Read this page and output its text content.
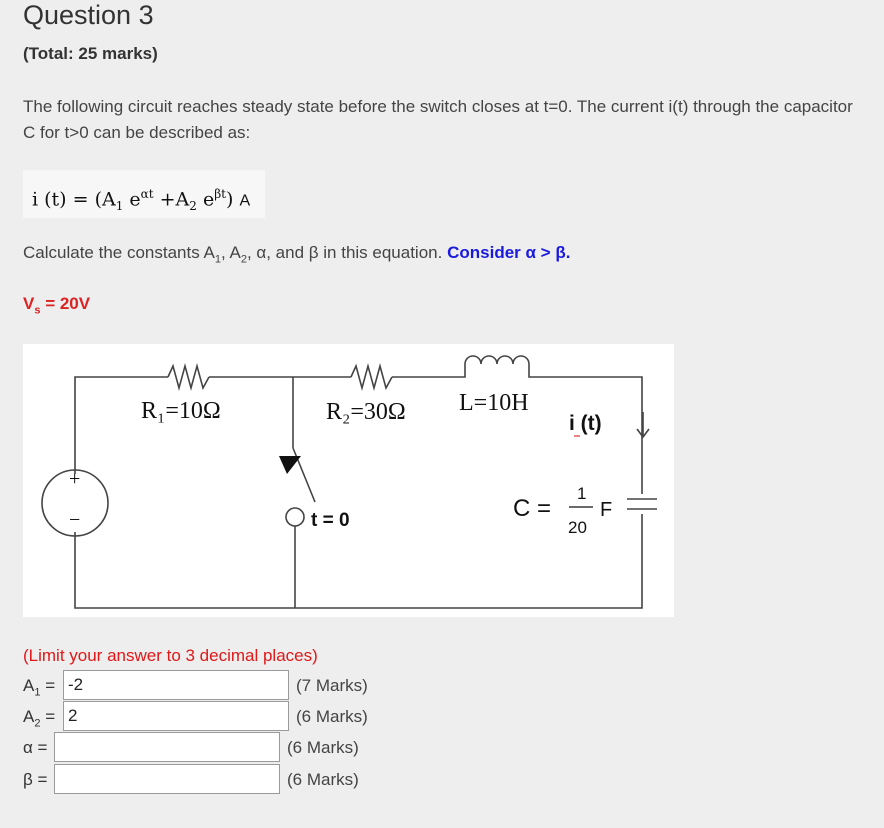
Question 3
(Total: 25 marks)
The following circuit reaches steady state before the switch closes at t=0. The current i(t) through the capacitor C for t>0 can be described as:
i $(t) = (A_1$ $e^{\alpha t} +A_2$ $e^{\beta t}$) A
Calculate the constants $A_1$, $A_2$, α, and β in this equation. Consider α > β.
$V_s = 20V$
R₁=10Ω	R₂=30Ω L=10H
+
−
i (t)
t = 0	C =
1
20
F
(Limit your answer to 3 decimal places)
$A_1$ =
-2	(7 Marks)
$A_2$ =
2	(6 Marks)
α =	(6 Marks)
β =	(6 Marks)
